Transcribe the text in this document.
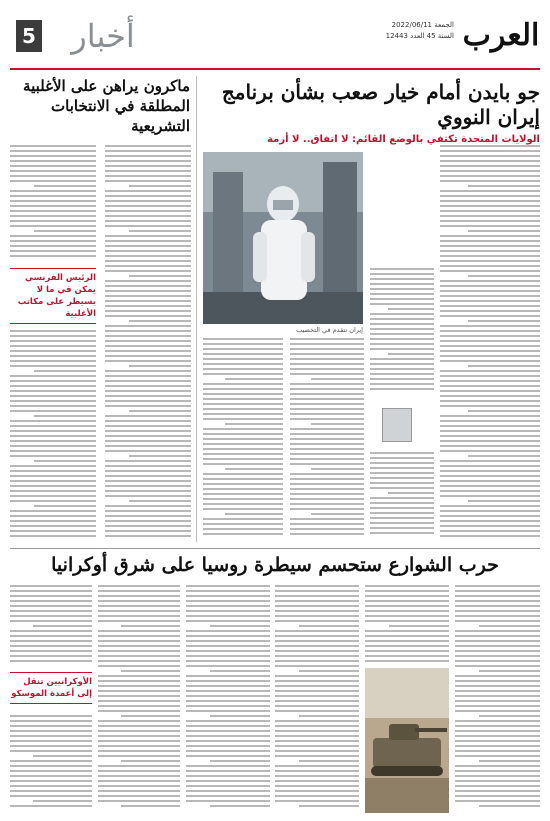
العرب
الجمعة 2022/06/11
السنة 45 العدد 12443
أخبار
5
جو بايدن أمام خيار صعب بشأن برنامج إيران النووي
الولايات المتحدة تكتفي بالوضع القائم: لا اتفاق.. لا أزمة
ماكرون يراهن على الأغلبية المطلقة في الانتخابات التشريعية
إيران تتقدم في التخصيب
الرئيس الفرنسي يمكن في ما لا يسيطر على مكاتب الأغلبية
حرب الشوارع ستحسم سيطرة روسيا على شرق أوكرانيا
الأوكرانيين تنقل إلى أعمدة الموسكو
